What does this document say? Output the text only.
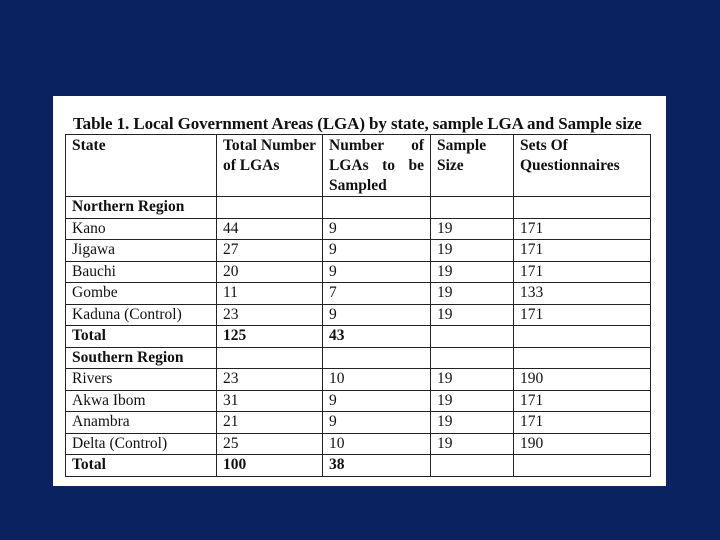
Table 1. Local Government Areas (LGA) by state, sample LGA and Sample size
State	Total Number of LGAs	Number of LGAs to be Sampled	Sample Size	Sets Of Questionnaires
Northern Region				
Kano	44	9	19	171
Jigawa	27	9	19	171
Bauchi	20	9	19	171
Gombe	11	7	19	133
Kaduna (Control)	23	9	19	171
Total	125	43		
Southern Region				
Rivers	23	10	19	190
Akwa Ibom	31	9	19	171
Anambra	21	9	19	171
Delta (Control)	25	10	19	190
Total	100	38		
